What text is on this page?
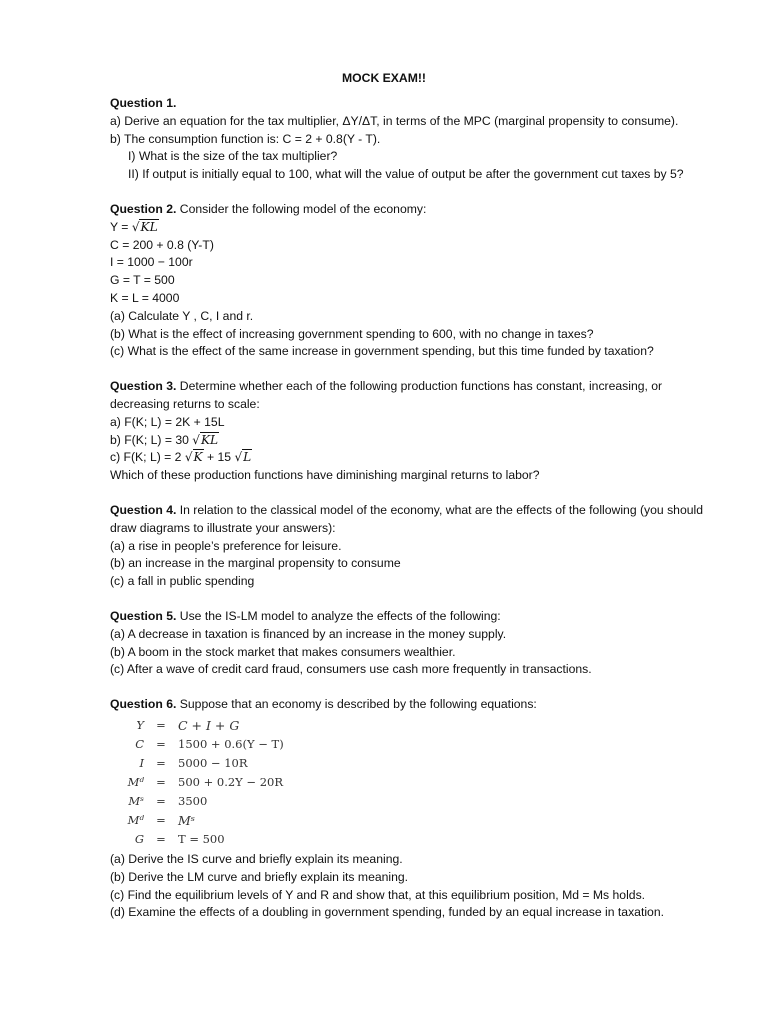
MOCK EXAM!!
Question 1.
a) Derive an equation for the tax multiplier, ΔY/ΔT, in terms of the MPC (marginal propensity to consume).
b) The consumption function is: C = 2 + 0.8(Y - T).
I) What is the size of the tax multiplier?
II) If output is initially equal to 100, what will the value of output be after the government cut taxes by 5?
Question 2. Consider the following model of the economy:
Y = √KL
C = 200 + 0.8 (Y-T)
I = 1000 − 100r
G = T = 500
K = L = 4000
(a) Calculate Y , C, I and r.
(b) What is the effect of increasing government spending to 600, with no change in taxes?
(c) What is the effect of the same increase in government spending, but this time funded by taxation?
Question 3. Determine whether each of the following production functions has constant, increasing, or decreasing returns to scale:
a) F(K; L) = 2K + 15L
b) F(K; L) = 30 √KL
c) F(K; L) = 2 √K + 15 √L
Which of these production functions have diminishing marginal returns to labor?
Question 4. In relation to the classical model of the economy, what are the effects of the following (you should draw diagrams to illustrate your answers):
(a) a rise in people’s preference for leisure.
(b) an increase in the marginal propensity to consume
(c) a fall in public spending
Question 5. Use the IS-LM model to analyze the effects of the following:
(a) A decrease in taxation is financed by an increase in the money supply.
(b) A boom in the stock market that makes consumers wealthier.
(c) After a wave of credit card fraud, consumers use cash more frequently in transactions.
Question 6. Suppose that an economy is described by the following equations:
Y	=	C + I + G
C	=	1500 + 0.6(Y − T)
I	=	5000 − 10R
Mᵈ	=	500 + 0.2Y − 20R
Mˢ	=	3500
Mᵈ	=	Mˢ
G	=	T = 500
(a) Derive the IS curve and briefly explain its meaning.
(b) Derive the LM curve and briefly explain its meaning.
(c) Find the equilibrium levels of Y and R and show that, at this equilibrium position, Md = Ms holds.
(d) Examine the effects of a doubling in government spending, funded by an equal increase in taxation.
